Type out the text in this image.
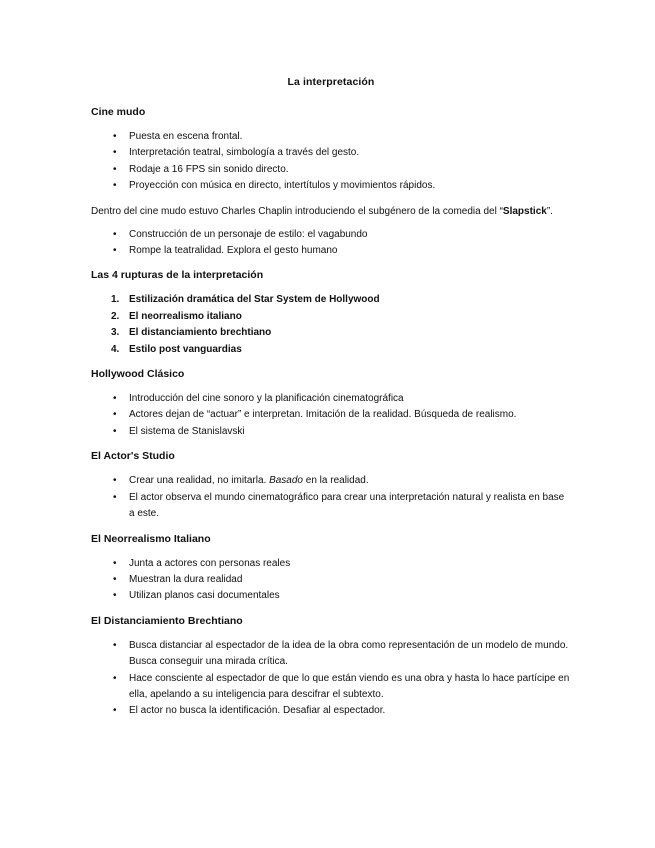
La interpretación
Cine mudo
• Puesta en escena frontal.
• Interpretación teatral, simbología a través del gesto.
• Rodaje a 16 FPS sin sonido directo.
• Proyección con música en directo, intertítulos y movimientos rápidos.

Dentro del cine mudo estuvo Charles Chaplin introduciendo el subgénero de la comedia del “Slapstick”.

• Construcción de un personaje de estilo: el vagabundo
• Rompe la teatralidad. Explora el gesto humano
Las 4 rupturas de la interpretación
1. Estilización dramática del Star System de Hollywood
2. El neorrealismo italiano
3. El distanciamiento brechtiano
4. Estilo post vanguardias
Hollywood Clásico
• Introducción del cine sonoro y la planificación cinematográfica
• Actores dejan de “actuar” e interpretan. Imitación de la realidad. Búsqueda de realismo.
• El sistema de Stanislavski
El Actor's Studio
• Crear una realidad, no imitarla. Basado en la realidad.
• El actor observa el mundo cinematográfico para crear una interpretación natural y realista en base a este.
El Neorrealismo Italiano
• Junta a actores con personas reales
• Muestran la dura realidad
• Utilizan planos casi documentales
El Distanciamiento Brechtiano
• Busca distanciar al espectador de la idea de la obra como representación de un modelo de mundo. Busca conseguir una mirada crítica.
• Hace consciente al espectador de que lo que están viendo es una obra y hasta lo hace partícipe en ella, apelando a su inteligencia para descifrar el subtexto.
• El actor no busca la identificación. Desafiar al espectador.
